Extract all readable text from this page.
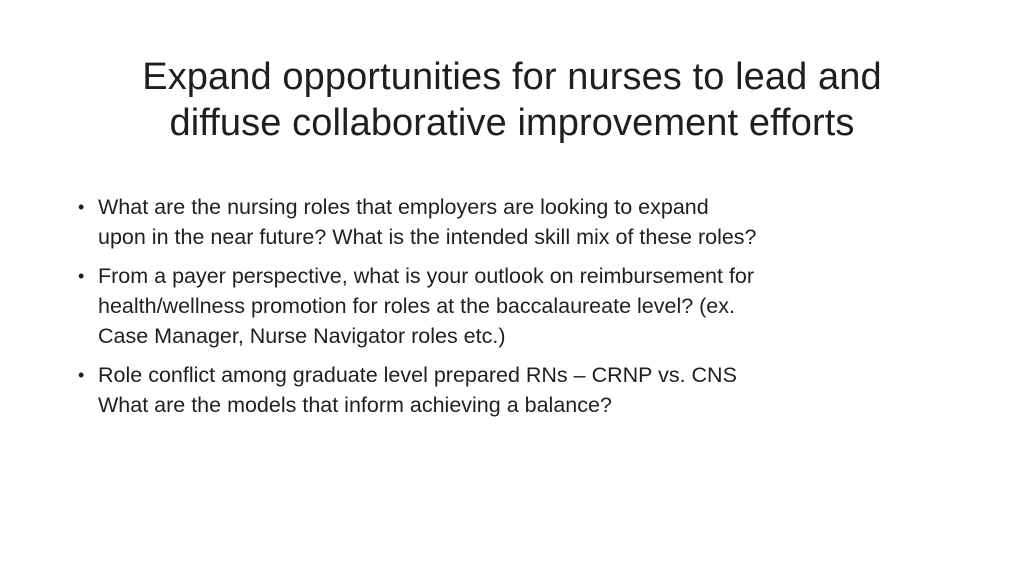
Expand opportunities for nurses to lead and
diffuse collaborative improvement efforts
• What are the nursing roles that employers are looking to expand
upon in the near future? What is the intended skill mix of these roles?
• From a payer perspective, what is your outlook on reimbursement for
health/wellness promotion for roles at the baccalaureate level? (ex.
Case Manager, Nurse Navigator roles etc.)
• Role conflict among graduate level prepared RNs – CRNP vs. CNS
What are the models that inform achieving a balance?
